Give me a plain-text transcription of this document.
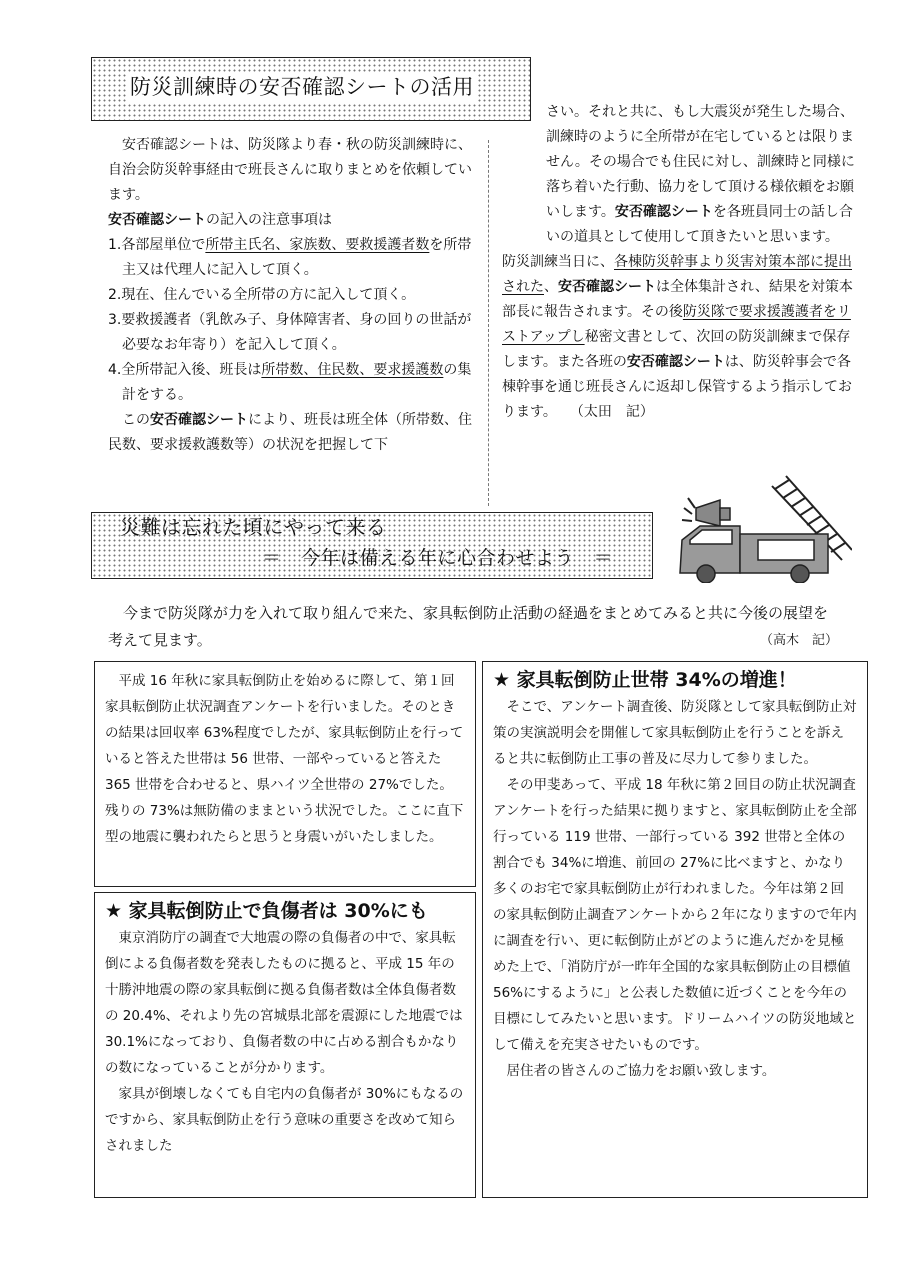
防災訓練時の安否確認シートの活用

安否確認シートは、防災隊より春・秋の防災訓練時に、自治会防災幹事経由で班長さんに取りまとめを依頼しています。

安否確認シートの記入の注意事項は

1.各部屋単位で所帯主氏名、家族数、要救援護者数を所帯主又は代理人に記入して頂く。

2.現在、住んでいる全所帯の方に記入して頂く。

3.要救援護者（乳飲み子、身体障害者、身の回りの世話が必要なお年寄り）を記入して頂く。

4.全所帯記入後、班長は所帯数、住民数、要求援護数の集計をする。

この安否確認シートにより、班長は班全体（所帯数、住民数、要求援救護数等）の状況を把握して下

さい。それと共に、もし大震災が発生した場合、訓練時のように全所帯が在宅しているとは限りません。その場合でも住民に対し、訓練時と同様に落ち着いた行動、協力をして頂ける様依頼をお願いします。安否確認シートを各班員同士の話し合いの道具として使用して頂きたいと思います。

防災訓練当日に、各棟防災幹事より災害対策本部に提出された、安否確認シートは全体集計され、結果を対策本部長に報告されます。その後防災隊で要求援護護者をリストアップし秘密文書として、次回の防災訓練まで保存します。また各班の安否確認シートは、防災幹事会で各棟幹事を通じ班長さんに返却し保管するよう指示しております。 （太田　記）

災難は忘れた頃にやって来る
＝　今年は備える年に心合わせよう　＝

今まで防災隊が力を入れて取り組んで来た、家具転倒防止活動の経過をまとめてみると共に今後の展望を考えて見ます。	（高木　記）

平成 16 年秋に家具転倒防止を始めるに際して、第１回家具転倒防止状況調査アンケートを行いました。そのときの結果は回収率 63%程度でしたが、家具転倒防止を行っていると答えた世帯は 56 世帯、一部やっていると答えた 365 世帯を合わせると、県ハイツ全世帯の 27%でした。残りの 73%は無防備のままという状況でした。ここに直下型の地震に襲われたらと思うと身震いがいたしました。

★ 家具転倒防止で負傷者は 30%にも

東京消防庁の調査で大地震の際の負傷者の中で、家具転倒による負傷者数を発表したものに拠ると、平成 15 年の十勝沖地震の際の家具転倒に拠る負傷者数は全体負傷者数の 20.4%、それより先の宮城県北部を震源にした地震では 30.1%になっており、負傷者数の中に占める割合もかなりの数になっていることが分かります。

家具が倒壊しなくても自宅内の負傷者が 30%にもなるのですから、家具転倒防止を行う意味の重要さを改めて知らされました

★ 家具転倒防止世帯 34%の増進！

そこで、アンケート調査後、防災隊として家具転倒防止対策の実演説明会を開催して家具転倒防止を行うことを訴えると共に転倒防止工事の普及に尽力して参りました。

その甲斐あって、平成 18 年秋に第２回目の防止状況調査アンケートを行った結果に拠りますと、家具転倒防止を全部行っている 119 世帯、一部行っている 392 世帯と全体の割合でも 34%に増進、前回の 27%に比べますと、かなり多くのお宅で家具転倒防止が行われました。今年は第２回の家具転倒防止調査アンケートから２年になりますので年内に調査を行い、更に転倒防止がどのように進んだかを見極めた上で、「消防庁が一昨年全国的な家具転倒防止の目標値 56%にするように」と公表した数値に近づくことを今年の目標にしてみたいと思います。ドリームハイツの防災地域として備えを充実させたいものです。

居住者の皆さんのご協力をお願い致します。
